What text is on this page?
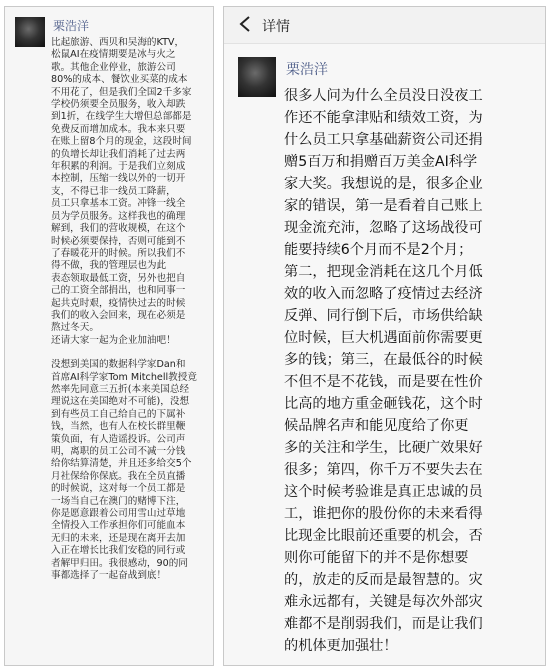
栗浩洋

比起旅游、西贝和吴海的KTV，
松鼠AI在疫情期要是冰与火之
歌。其他企业停业，旅游公司
80%的成本、餐饮业买菜的成本
不用花了，但是我们全国2千多家
学校仍须要全员服务，收入却跌
到1折，在线学生大增但总部都是
免费反而增加成本。我本来只要
在账上留8个月的现金，这段时间
的负增长却让我们消耗了过去两
年积累的利润。于是我们立刻成
本控制，压缩一线以外的一切开
支，不得已非一线员工降薪，
员工只拿基本工资。冲锋一线全
员为学员服务。这样我也的确理
解到，我们的营收规模，在这个
时候必须要保持，否则可能到不
了春暖花开的时候。所以我们不
得不做，我的管理层也为此
表态领取最低工资，另外也把自
己的工资全部捐出，也和同事一
起共克时艰，疫情快过去的时候
我们的收入会回来，现在必须是
熬过冬天。
还请大家一起为企业加油吧！

没想到美国的数据科学家Dan和
首席AI科学家Tom Mitchell教授竟
然率先同意三五折(本来美国总经
理说这在美国绝对不可能)，没想
到有些员工自己给自己的下属补
钱，当然，也有人在校长群里鞭
策负面，有人造谣投诉。公司声
明，离职的员工公司不减一分钱
给你结算清楚，并且还多给交5个
月社保给你保底。我在全员直播
的时候说，这对每一个员工都是
一场当自己在澳门的赌博下注，
你是愿意跟着公司用雪山过草地
全情投入工作承担你们可能血本
无归的未来，还是现在离开去加
入正在增长比我们安稳的同行或
者解甲归田。我很感动，90的同
事都选择了一起奋战到底！

详情
栗浩洋
很多人问为什么全员没日没夜工
作还不能拿津贴和绩效工资，为
什么员工只拿基础薪资公司还捐
赠5百万和捐赠百万美金AI科学
家大奖。我想说的是，很多企业
家的错误，第一是看着自己账上
现金流充沛，忽略了这场战役可
能要持续6个月而不是2个月；
第二，把现金消耗在这几个月低
效的收入而忽略了疫情过去经济
反弹、同行倒下后，市场供给缺
位时候，巨大机遇面前你需要更
多的钱；第三，在最低谷的时候
不但不是不花钱，而是要在性价
比高的地方重金砸钱花，这个时
候品牌名声和能见度给了你更
多的关注和学生，比硬广效果好
很多；第四，你千万不要失去在
这个时候考验谁是真正忠诚的员
工，谁把你的股份你的未来看得
比现金比眼前还重要的机会，否
则你可能留下的并不是你想要
的，放走的反而是最智慧的。灾
难永远都有，关键是每次外部灾
难都不是削弱我们，而是让我们
的机体更加强壮！
